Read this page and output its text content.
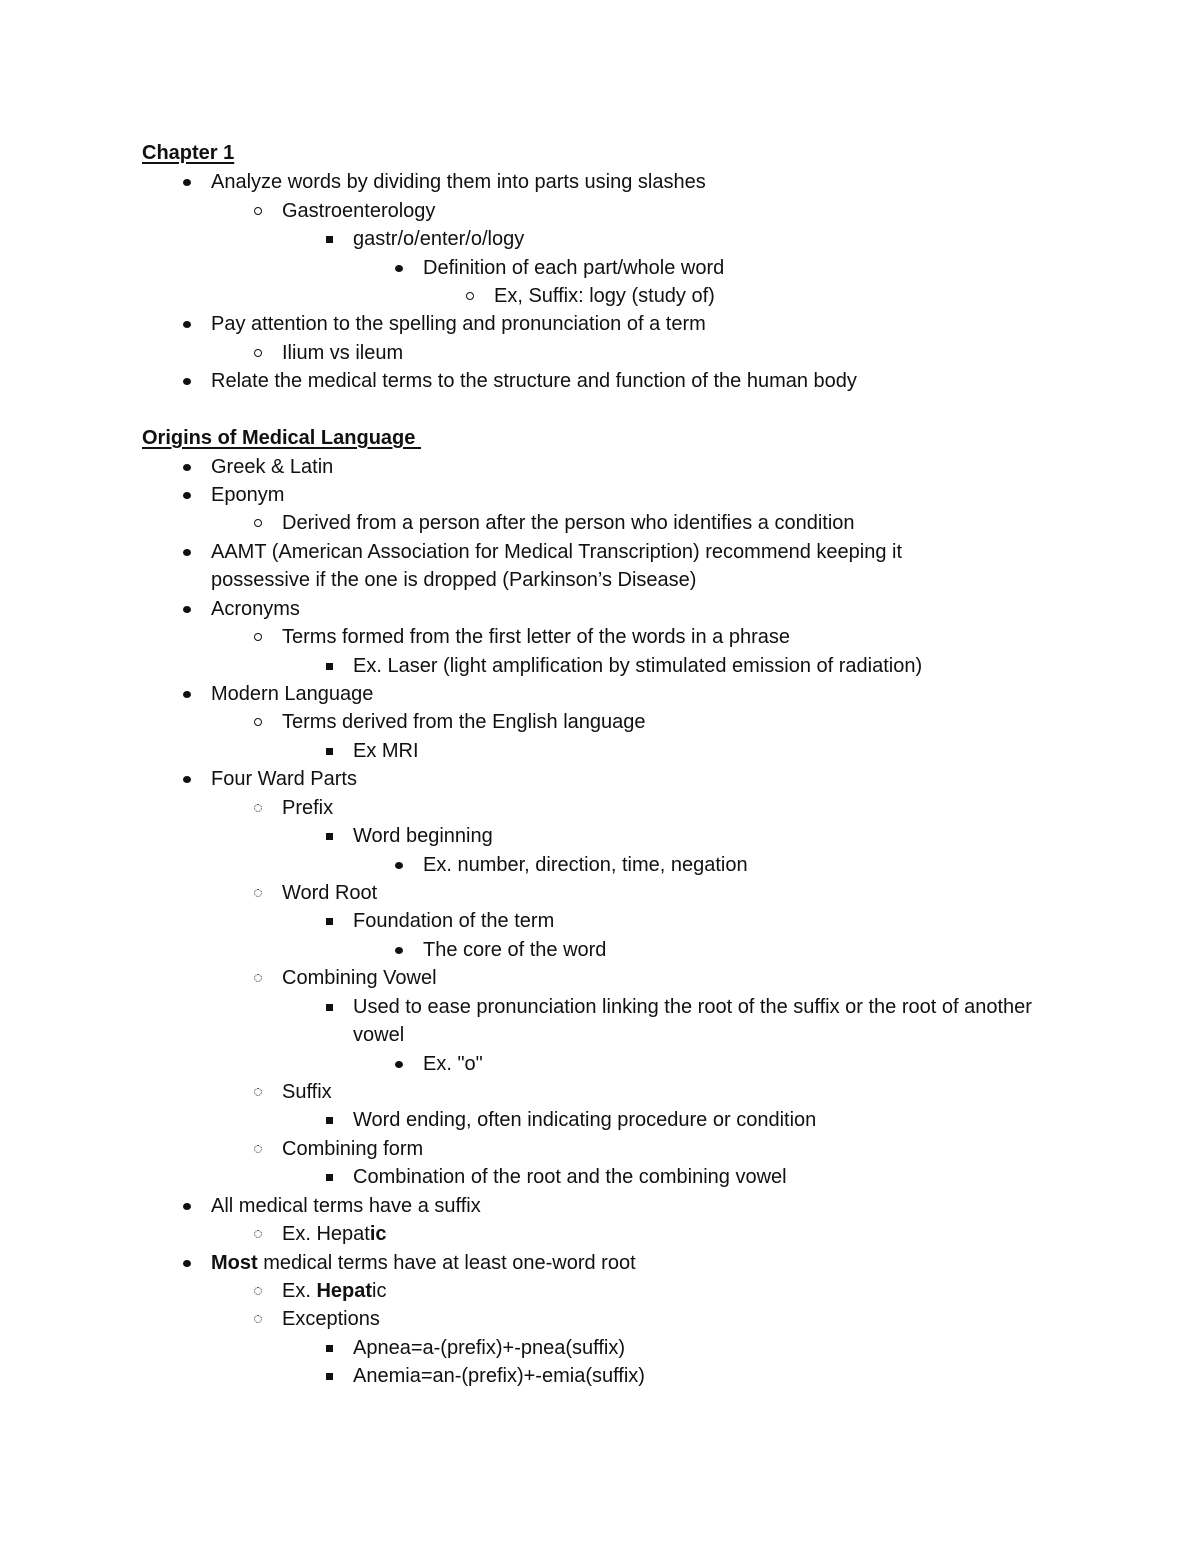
Chapter 1
Analyze words by dividing them into parts using slashes
Gastroenterology
gastr/o/enter/o/logy
Definition of each part/whole word
Ex, Suffix: logy (study of)
Pay attention to the spelling and pronunciation of a term
Ilium vs ileum
Relate the medical terms to the structure and function of the human body
Origins of Medical Language
Greek & Latin
Eponym
Derived from a person after the person who identifies a condition
AAMT (American Association for Medical Transcription) recommend keeping it possessive if the one is dropped (Parkinson’s Disease)
Acronyms
Terms formed from the first letter of the words in a phrase
Ex. Laser (light amplification by stimulated emission of radiation)
Modern Language
Terms derived from the English language
Ex MRI
Four Ward Parts
Prefix
Word beginning
Ex. number, direction, time, negation
Word Root
Foundation of the term
The core of the word
Combining Vowel
Used to ease pronunciation linking the root of the suffix or the root of another vowel
Ex. "o"
Suffix
Word ending, often indicating procedure or condition
Combining form
Combination of the root and the combining vowel
All medical terms have a suffix
Ex. Hepatic
Most medical terms have at least one-word root
Ex. Hepatic
Exceptions
Apnea=a-(prefix)+-pnea(suffix)
Anemia=an-(prefix)+-emia(suffix)
